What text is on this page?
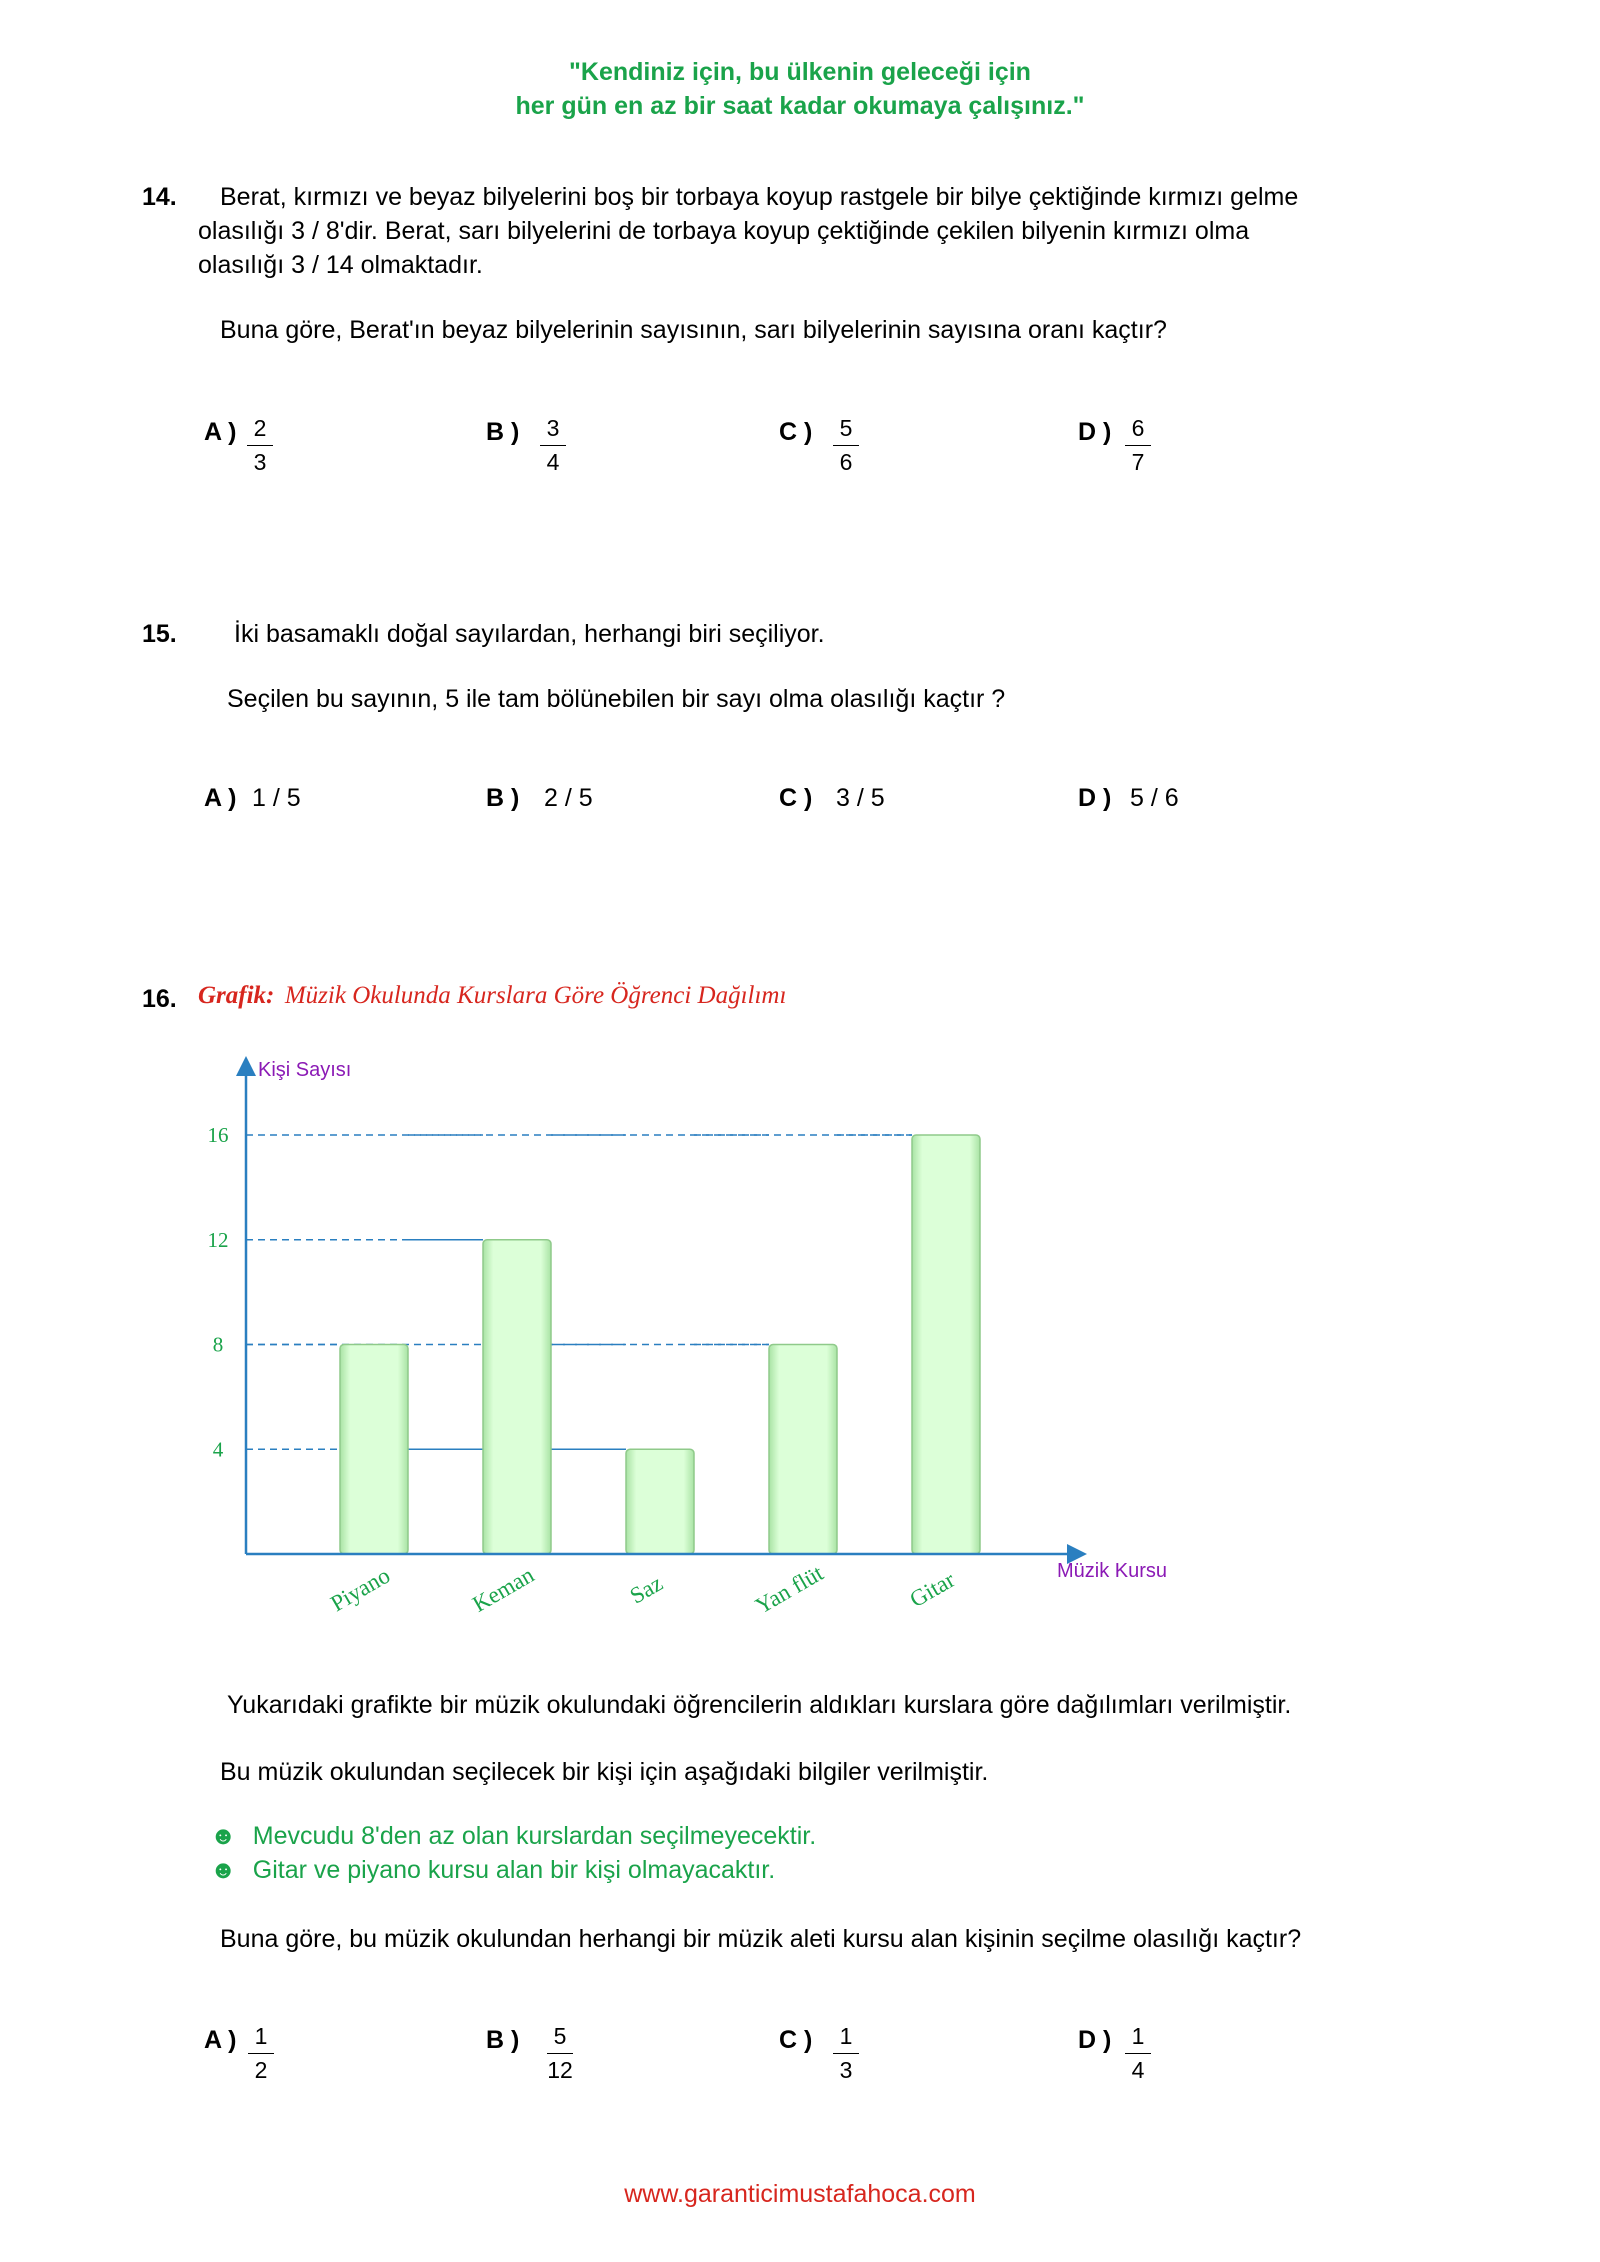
"Kendiniz için, bu ülkenin geleceği için
her gün en az bir saat kadar okumaya çalışınız."
14. Berat, kırmızı ve beyaz bilyelerini boş bir torbaya koyup rastgele bir bilye çektiğinde kırmızı gelme
olasılığı 3 / 8'dir. Berat, sarı bilyelerini de torbaya koyup çektiğinde çekilen bilyenin kırmızı olma
olasılığı 3 / 14 olmaktadır.
Buna göre, Berat'ın beyaz bilyelerinin sayısının, sarı bilyelerinin sayısına oranı kaçtır?
A ) 2
3
B )	3
4
C )	5
6
D ) 6
7
15. İki basamaklı doğal sayılardan, herhangi biri seçiliyor.
Seçilen bu sayının, 5 ile tam bölünebilen bir sayı olma olasılığı kaçtır ?
A ) 1 / 5	B ) 2 / 5	C ) 3 / 5	D ) 5 / 6
16. Grafik: Müzik Okulunda Kurslara Göre Öğrenci Dağılımı
Kişi Sayısı
Müzik Kursu
4
8
12
16
Piyano	Keman	Saz	Yan flüt	Gitar
Yukarıdaki grafikte bir müzik okulundaki öğrencilerin aldıkları kurslara göre dağılımları verilmiştir.
Bu müzik okulundan seçilecek bir kişi için aşağıdaki bilgiler verilmiştir.
☻ Mevcudu 8'den az olan kurslardan seçilmeyecektir.
☻ Gitar ve piyano kursu alan bir kişi olmayacaktır.
Buna göre, bu müzik okulundan herhangi bir müzik aleti kursu alan kişinin seçilme olasılığı kaçtır?
A ) 1
2
B )	5
12
C )	1
3
D ) 1
4
www.garanticimustafahoca.com
